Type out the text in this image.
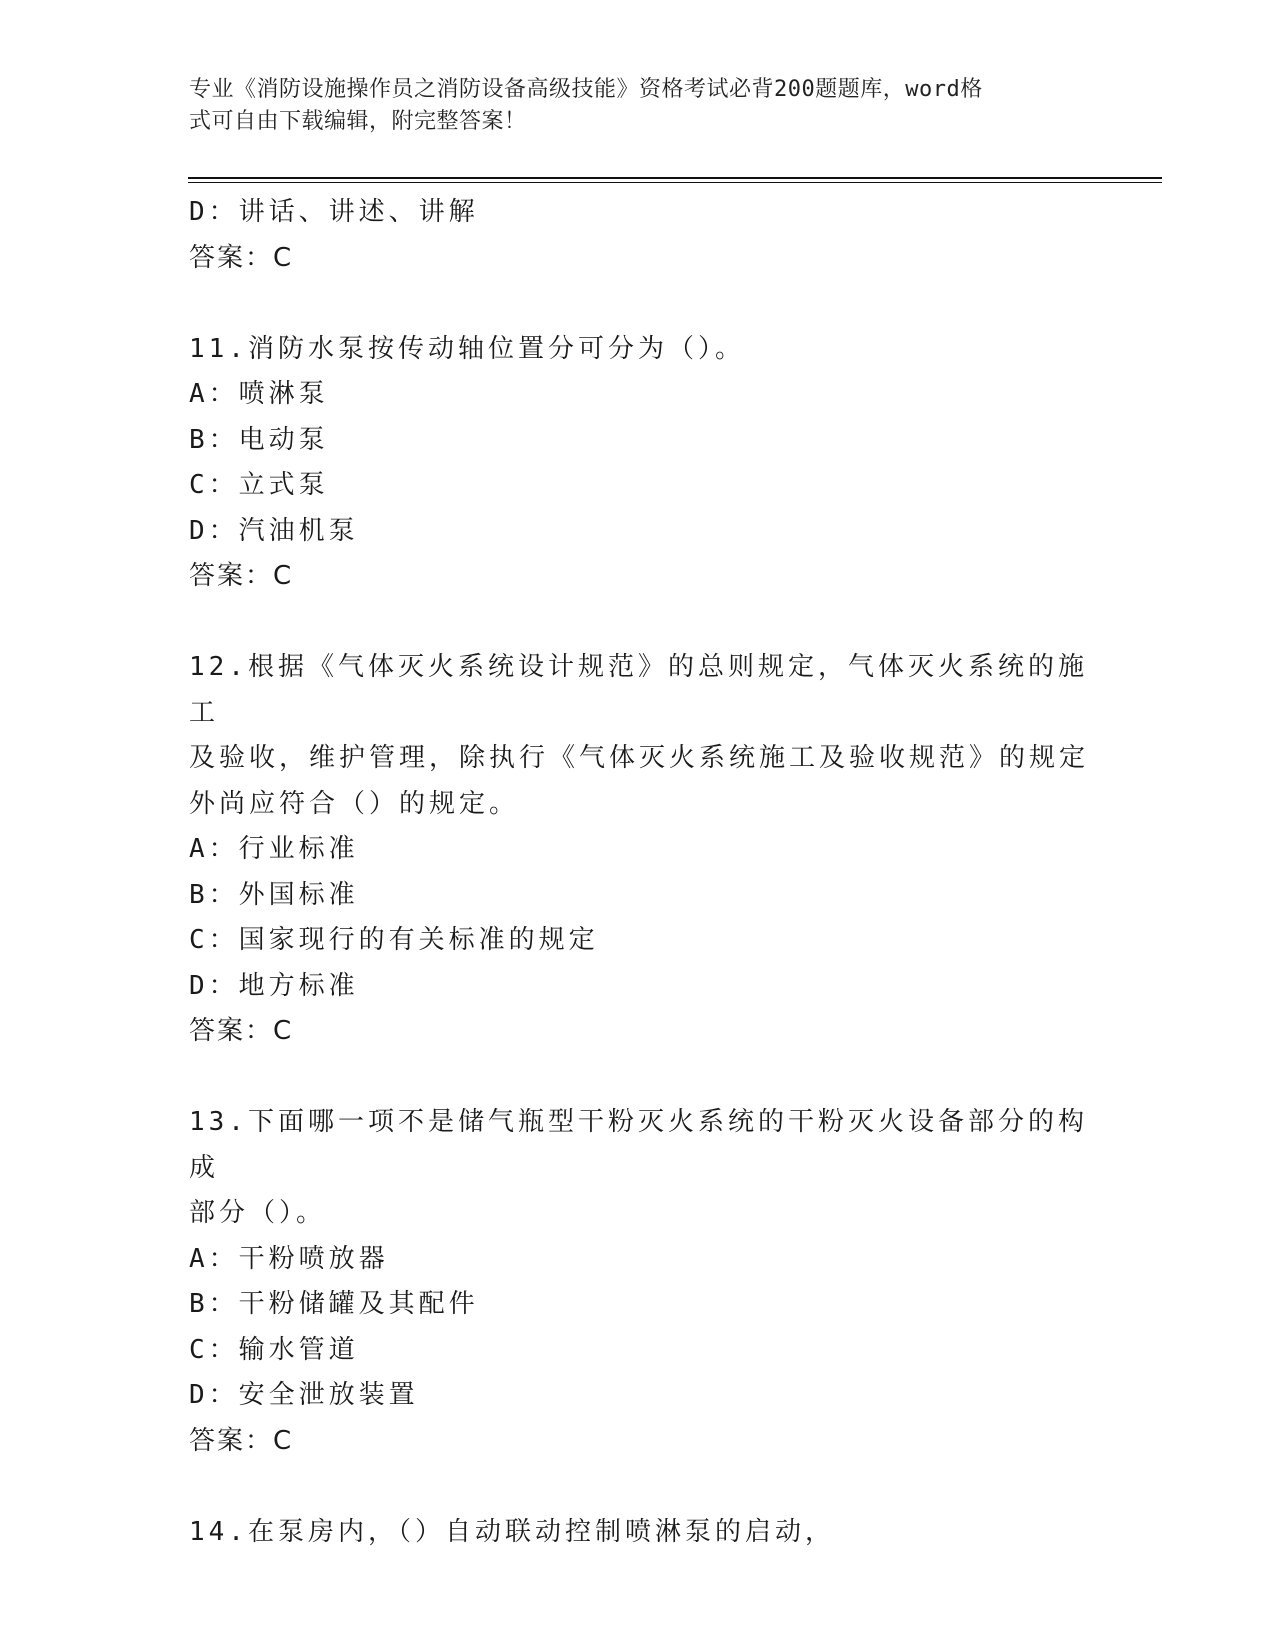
专业《消防设施操作员之消防设备高级技能》资格考试必背200题题库，word格
式可自由下载编辑，附完整答案！
D：讲话、讲述、讲解
答案：C
11.消防水泵按传动轴位置分可分为（）。
A：喷淋泵
B：电动泵
C：立式泵
D：汽油机泵
答案：C
12.根据《气体灭火系统设计规范》的总则规定，气体灭火系统的施工
及验收，维护管理，除执行《气体灭火系统施工及验收规范》的规定
外尚应符合（）的规定。
A：行业标准
B：外国标准
C：国家现行的有关标准的规定
D：地方标准
答案：C
13.下面哪一项不是储气瓶型干粉灭火系统的干粉灭火设备部分的构成
部分（）。
A：干粉喷放器
B：干粉储罐及其配件
C：输水管道
D：安全泄放装置
答案：C
14.在泵房内，（）自动联动控制喷淋泵的启动，
